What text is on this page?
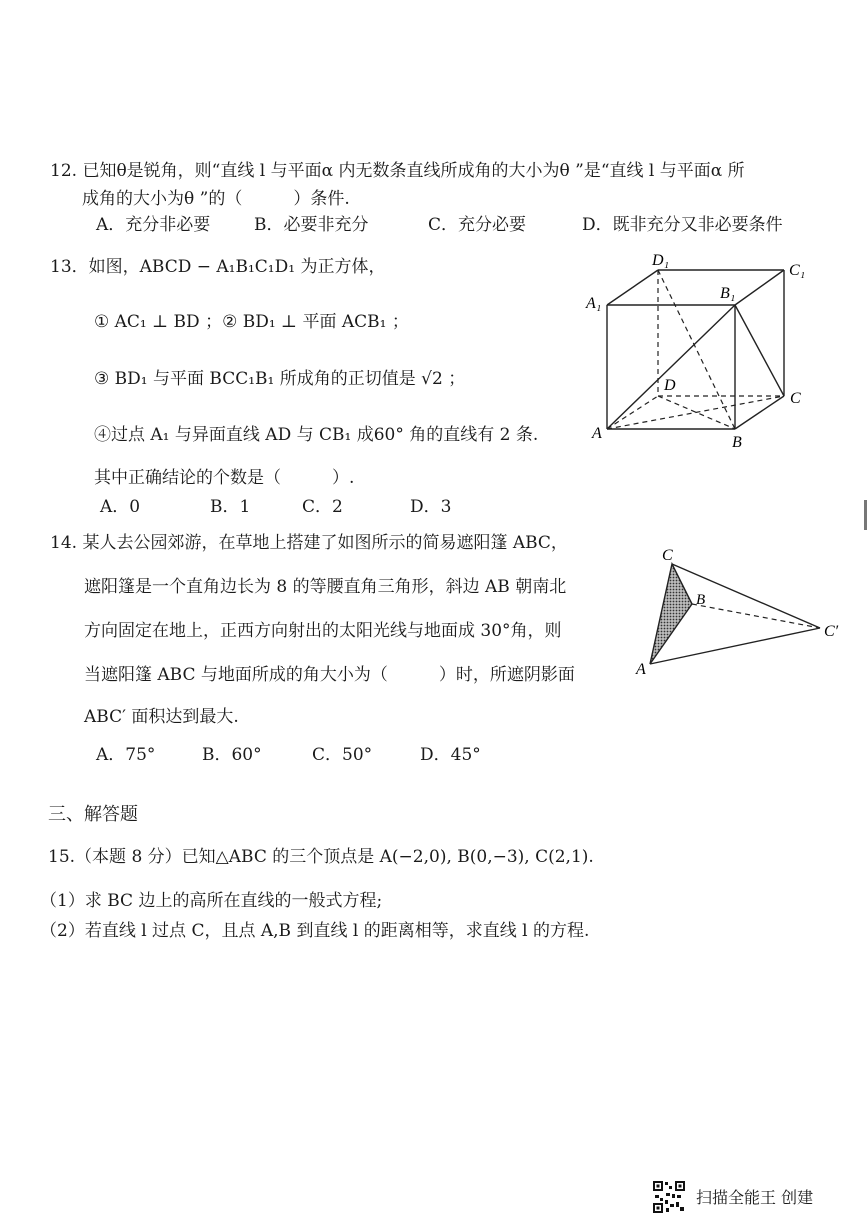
12. 已知θ是锐角，则“直线 l 与平面α 内无数条直线所成角的大小为θ ”是“直线 l 与平面α 所
成角的大小为θ ”的（　　　）条件.
A．充分非必要	B．必要非充分	C．充分必要	D．既非充分又非必要条件
13．如图，ABCD − A₁B₁C₁D₁ 为正方体，
① AC₁ ⊥ BD ；② BD₁ ⊥ 平面 ACB₁ ；
③ BD₁ 与平面 BCC₁B₁ 所成角的正切值是 √2 ；
④过点 A₁ 与异面直线 AD 与 CB₁ 成60° 角的直线有 2 条.
其中正确结论的个数是（　　　）.
A．0	B．1	C．2	D．3
D₁
C₁
A₁
B₁
D
C
A
B
14. 某人去公园郊游，在草地上搭建了如图所示的简易遮阳篷 ABC，
遮阳篷是一个直角边长为 8 的等腰直角三角形，斜边 AB 朝南北
方向固定在地上，正西方向射出的太阳光线与地面成 30°角，则
当遮阳篷 ABC 与地面所成的角大小为（　　　）时，所遮阴影面
ABC′ 面积达到最大.
A．75°	B．60°	C．50°	D．45°
C
B
C′
A
三、解答题
15.（本题 8 分）已知△ABC 的三个顶点是 A(−2,0), B(0,−3), C(2,1).
（1）求 BC 边上的高所在直线的一般式方程;
（2）若直线 l 过点 C，且点 A,B 到直线 l 的距离相等，求直线 l 的方程.
扫描全能王 创建
